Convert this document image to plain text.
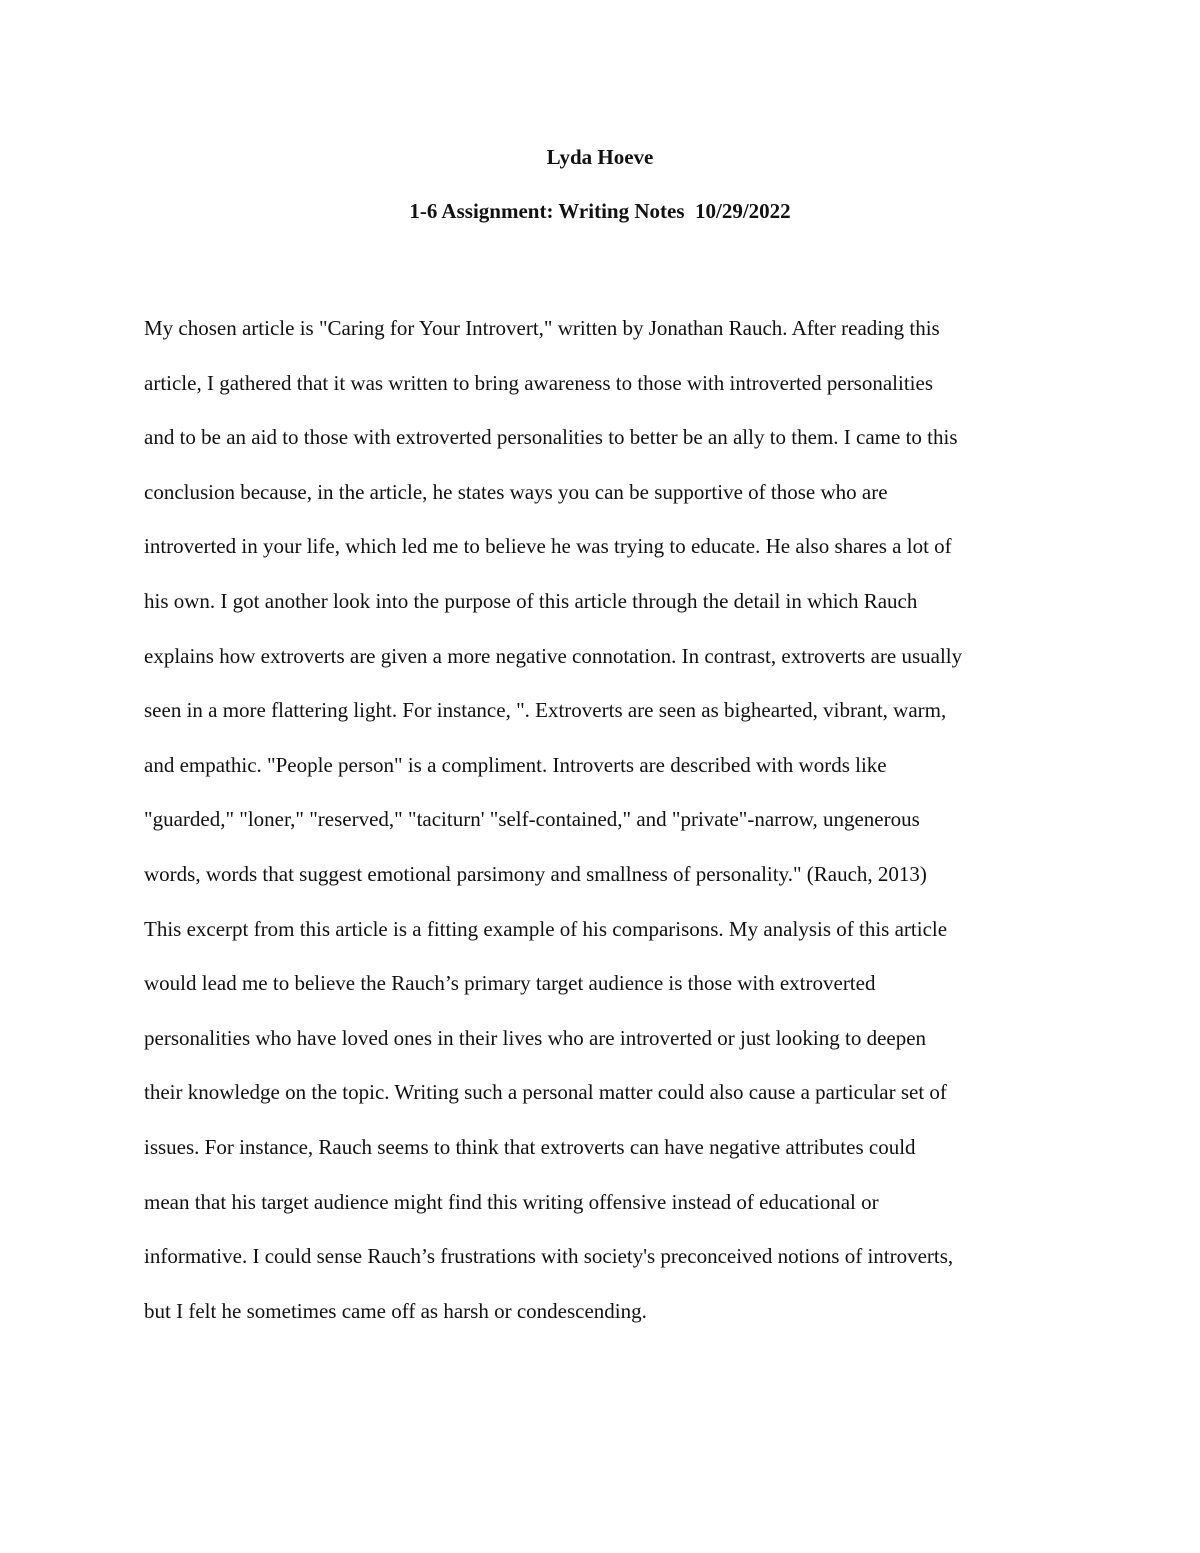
Lyda Hoeve

1-6 Assignment: Writing Notes  10/29/2022

My chosen article is "Caring for Your Introvert," written by Jonathan Rauch. After reading this
article, I gathered that it was written to bring awareness to those with introverted personalities
and to be an aid to those with extroverted personalities to better be an ally to them. I came to this
conclusion because, in the article, he states ways you can be supportive of those who are
introverted in your life, which led me to believe he was trying to educate. He also shares a lot of
his own. I got another look into the purpose of this article through the detail in which Rauch
explains how extroverts are given a more negative connotation. In contrast, extroverts are usually
seen in a more flattering light. For instance, ". Extroverts are seen as bighearted, vibrant, warm,
and empathic. "People person" is a compliment. Introverts are described with words like
"guarded," "loner," "reserved," "taciturn' "self-contained," and "private"-narrow, ungenerous
words, words that suggest emotional parsimony and smallness of personality." (Rauch, 2013)
This excerpt from this article is a fitting example of his comparisons. My analysis of this article
would lead me to believe the Rauch’s primary target audience is those with extroverted
personalities who have loved ones in their lives who are introverted or just looking to deepen
their knowledge on the topic. Writing such a personal matter could also cause a particular set of
issues. For instance, Rauch seems to think that extroverts can have negative attributes could
mean that his target audience might find this writing offensive instead of educational or
informative. I could sense Rauch’s frustrations with society's preconceived notions of introverts,
but I felt he sometimes came off as harsh or condescending.
